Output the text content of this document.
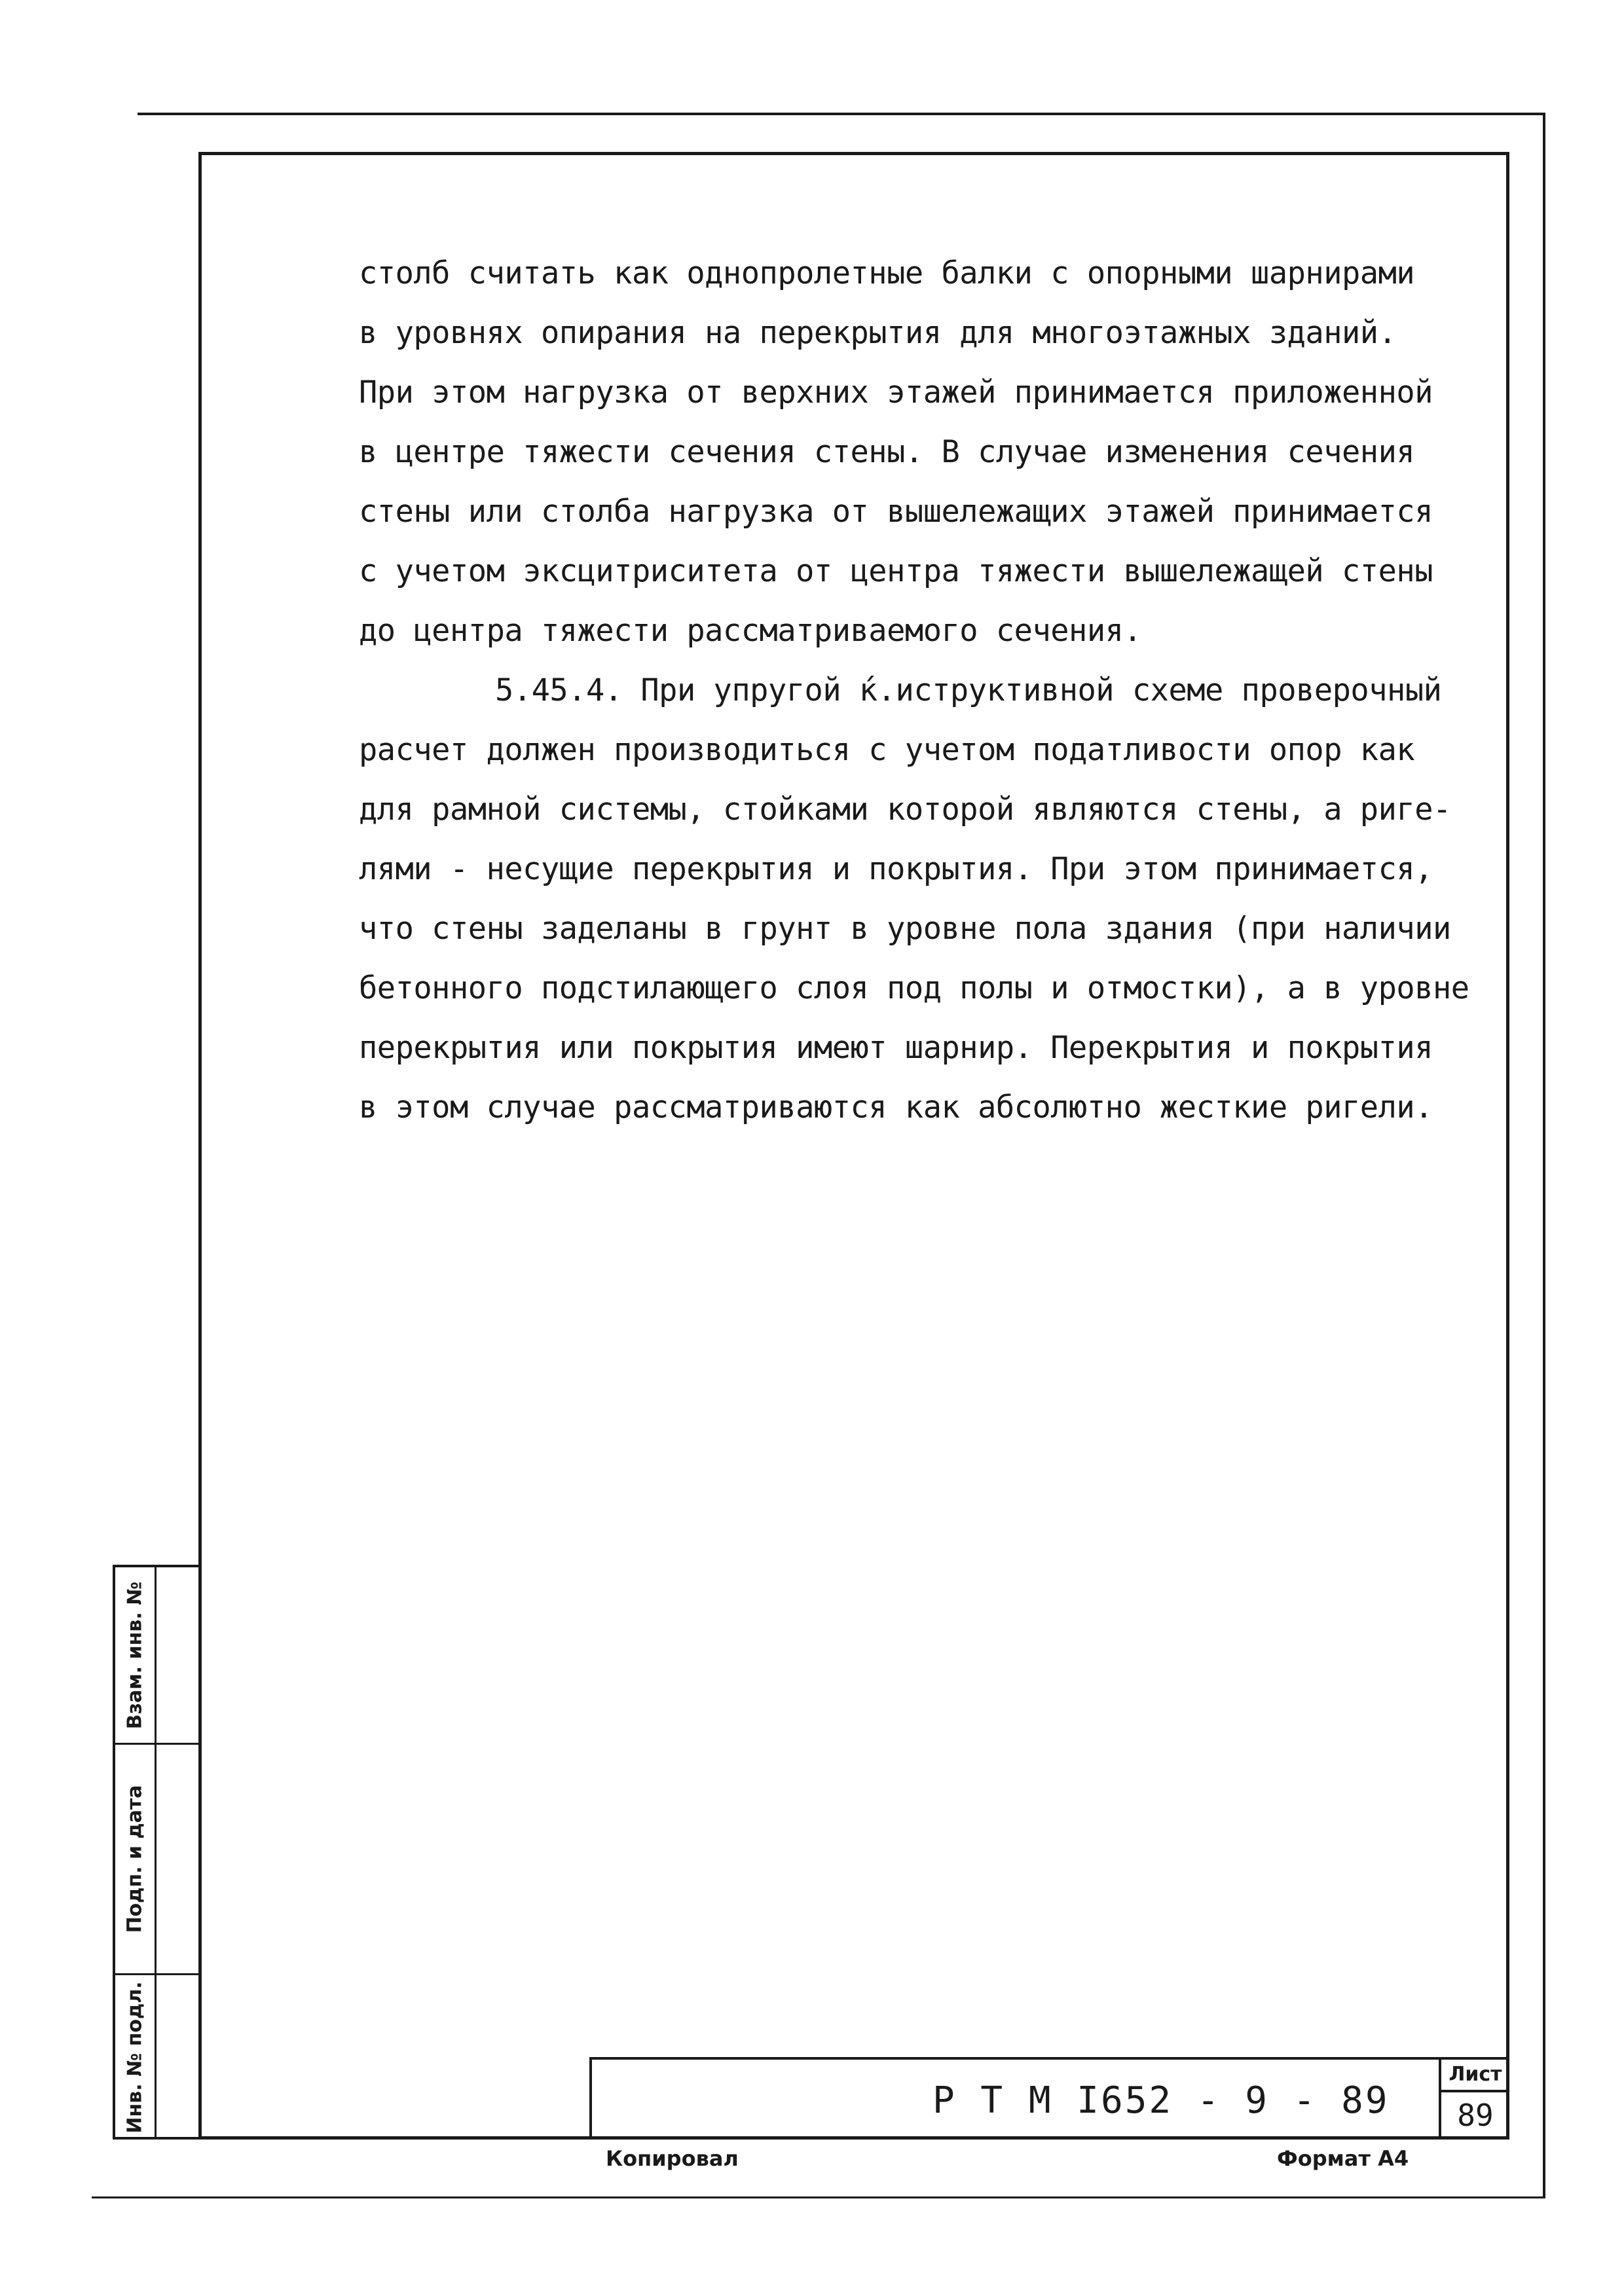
столб считать как однопролетные балки с опорными шарнирами
в уровнях опирания на перекрытия для многоэтажных зданий.
При этом нагрузка от верхних этажей принимается приложенной
в центре тяжести сечения стены. В случае изменения сечения
стены или столба нагрузка от вышележащих этажей принимается
с учетом эксцитриситета от центра тяжести вышележащей стены
до центра тяжести рассматриваемого сечения.
5.45.4. При упругой ќ.иструктивной схеме проверочный
расчет должен производиться с учетом податливости опор как
для рамной системы, стойками которой являются стены, а риге-
лями - несущие перекрытия и покрытия. При этом принимается,
что стены заделаны в грунт в уровне пола здания (при наличии
бетонного подстилающего слоя под полы и отмостки), а в уровне
перекрытия или покрытия имеют шарнир. Перекрытия и покрытия
в этом случае рассматриваются как абсолютно жесткие ригели.
Взам. инв. №
Подп. и дата
Инв. № подл.	Р Т М I652 - 9 - 89
Лист
89
Копировал	Формат А4
